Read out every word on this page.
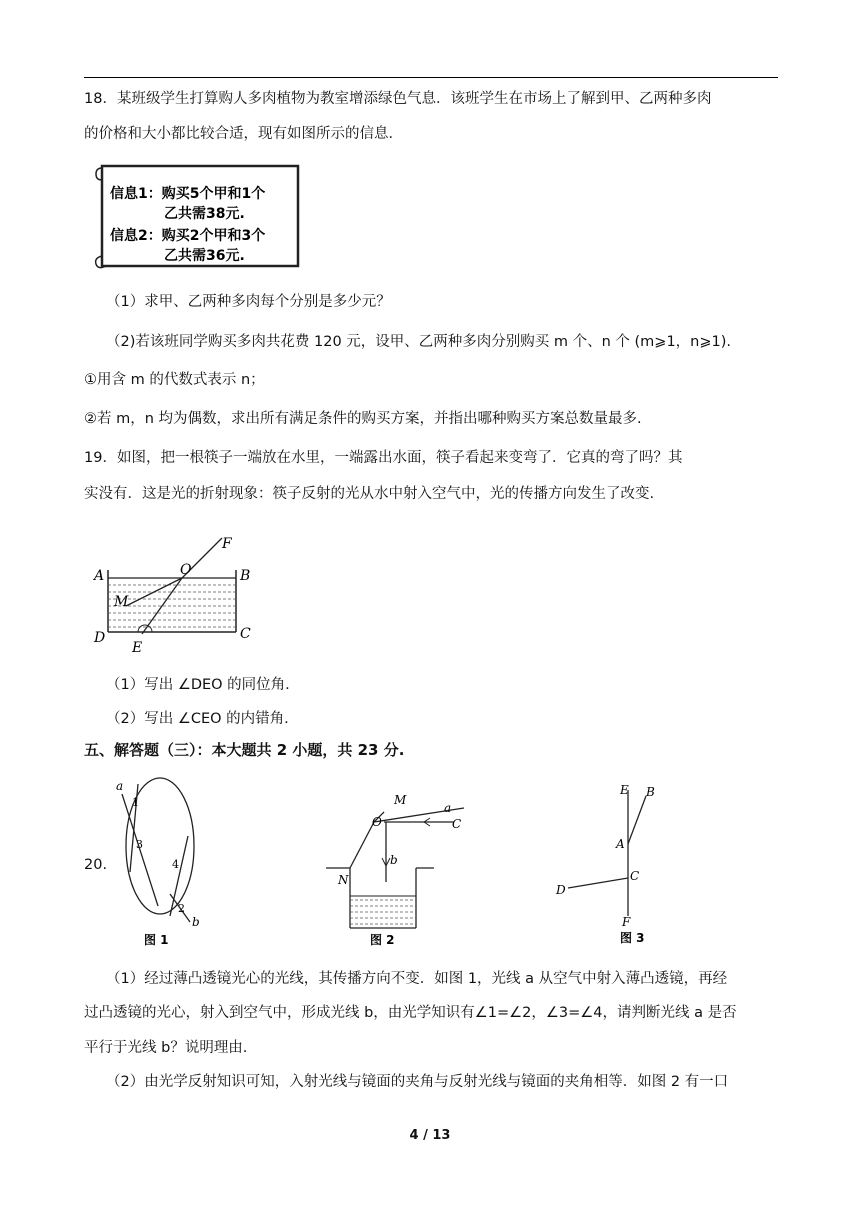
18．某班级学生打算购人多肉植物为教室增添绿色气息．该班学生在市场上了解到甲、乙两种多肉
的价格和大小都比较合适，现有如图所示的信息．
信息1：购买5个甲和1个
乙共需38元.
信息2：购买2个甲和3个
乙共需36元.
（1）求甲、乙两种多肉每个分别是多少元？
（2)若该班同学购买多肉共花费 120 元，设甲、乙两种多肉分别购买 m 个、n 个 (m⩾1，n⩾1).
①用含 m 的代数式表示 n；
②若 m，n 均为偶数，求出所有满足条件的购买方案，并指出哪种购买方案总数量最多.
19．如图，把一根筷子一端放在水里，一端露出水面，筷子看起来变弯了．它真的弯了吗？其
实没有．这是光的折射现象：筷子反射的光从水中射入空气中，光的传播方向发生了改变.
A	B
C
D
E
F
M
O
（1）写出 ∠DEO 的同位角.
（2）写出 ∠CEO 的内错角.
五、解答题（三）：本大题共 2 小题，共 23 分.
20.
a
b
1
2
3
4
图 1
M
O
a
C
b
N
图 2
E B
A
C
D
F
图 3
（1）经过薄凸透镜光心的光线，其传播方向不变．如图 1，光线 a 从空气中射入薄凸透镜，再经
过凸透镜的光心，射入到空气中，形成光线 b，由光学知识有∠1=∠2，∠3=∠4，请判断光线 a 是否
平行于光线 b？说明理由.
（2）由光学反射知识可知，入射光线与镜面的夹角与反射光线与镜面的夹角相等．如图 2 有一口
4 / 13
